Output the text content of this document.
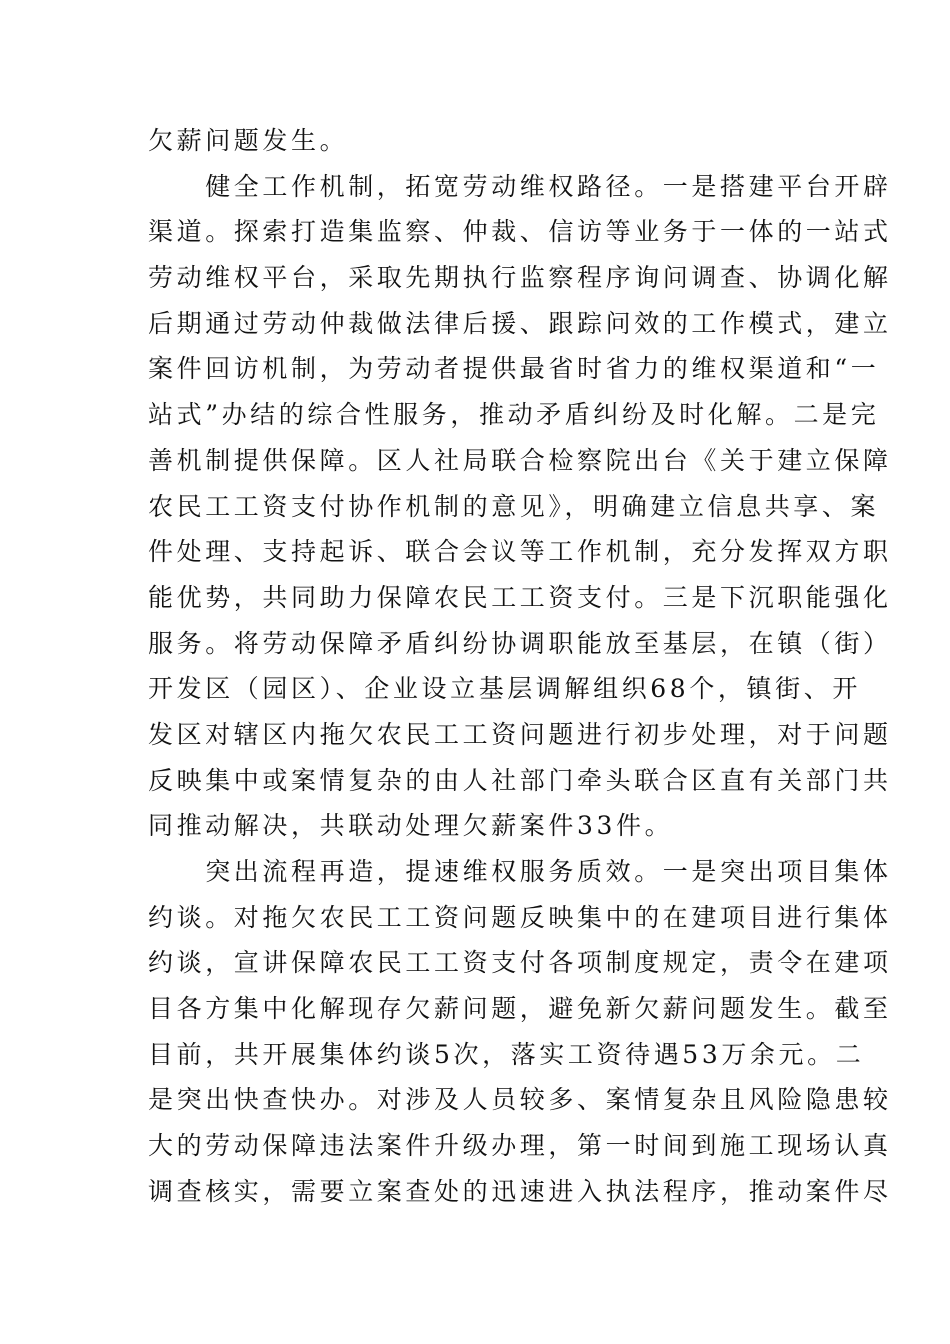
欠薪问题发生。
　　健全工作机制，拓宽劳动维权路径。一是搭建平台开辟
渠道。探索打造集监察、仲裁、信访等业务于一体的一站式
劳动维权平台，采取先期执行监察程序询问调查、协调化解
后期通过劳动仲裁做法律后援、跟踪问效的工作模式，建立
案件回访机制，为劳动者提供最省时省力的维权渠道和“一
站式”办结的综合性服务，推动矛盾纠纷及时化解。二是完
善机制提供保障。区人社局联合检察院出台《关于建立保障
农民工工资支付协作机制的意见》，明确建立信息共享、案
件处理、支持起诉、联合会议等工作机制，充分发挥双方职
能优势，共同助力保障农民工工资支付。三是下沉职能强化
服务。将劳动保障矛盾纠纷协调职能放至基层，在镇（街）
开发区（园区）、企业设立基层调解组织68个，镇街、开
发区对辖区内拖欠农民工工资问题进行初步处理，对于问题
反映集中或案情复杂的由人社部门牵头联合区直有关部门共
同推动解决，共联动处理欠薪案件33件。
　　突出流程再造，提速维权服务质效。一是突出项目集体
约谈。对拖欠农民工工资问题反映集中的在建项目进行集体
约谈，宣讲保障农民工工资支付各项制度规定，责令在建项
目各方集中化解现存欠薪问题，避免新欠薪问题发生。截至
目前，共开展集体约谈5次，落实工资待遇53万余元。二
是突出快查快办。对涉及人员较多、案情复杂且风险隐患较
大的劳动保障违法案件升级办理，第一时间到施工现场认真
调查核实，需要立案查处的迅速进入执法程序，推动案件尽
